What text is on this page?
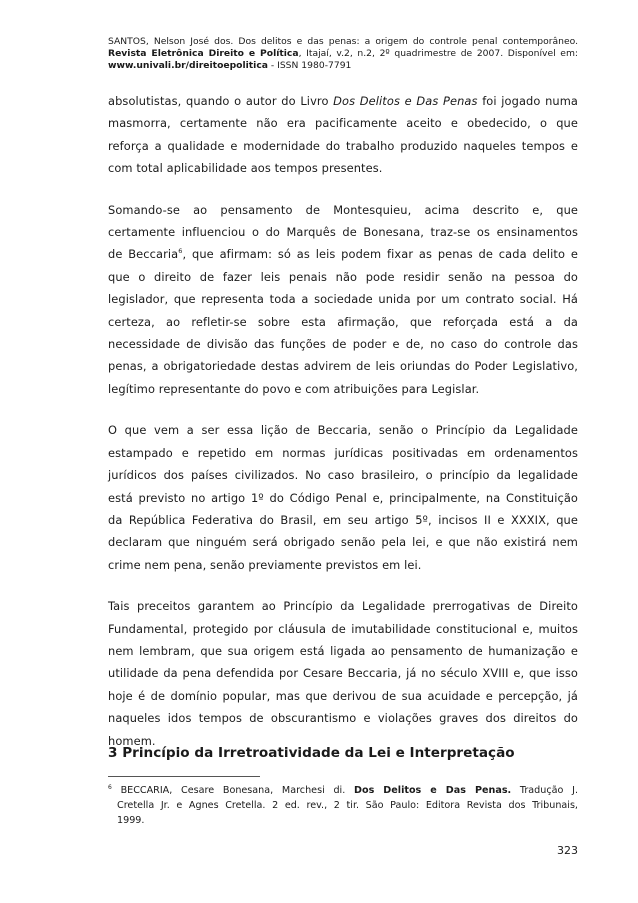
SANTOS, Nelson José dos. Dos delitos e das penas: a origem do controle penal contemporâneo.
Revista Eletrônica Direito e Política, Itajaí, v.2, n.2, 2º quadrimestre de 2007. Disponível em:
www.univali.br/direitoepolitica - ISSN 1980-7791

absolutistas, quando o autor do Livro Dos Delitos e Das Penas foi jogado numa
masmorra, certamente não era pacificamente aceito e obedecido, o que
reforça a qualidade e modernidade do trabalho produzido naqueles tempos e
com total aplicabilidade aos tempos presentes.

Somando-se ao pensamento de Montesquieu, acima descrito e, que
certamente influenciou o do Marquês de Bonesana, traz-se os ensinamentos
de Beccaria$^6$, que afirmam: só as leis podem fixar as penas de cada delito e
que o direito de fazer leis penais não pode residir senão na pessoa do
legislador, que representa toda a sociedade unida por um contrato social. Há
certeza, ao refletir-se sobre esta afirmação, que reforçada está a da
necessidade de divisão das funções de poder e de, no caso do controle das
penas, a obrigatoriedade destas advirem de leis oriundas do Poder Legislativo,
legítimo representante do povo e com atribuições para Legislar.

O que vem a ser essa lição de Beccaria, senão o Princípio da Legalidade
estampado e repetido em normas jurídicas positivadas em ordenamentos
jurídicos dos países civilizados. No caso brasileiro, o princípio da legalidade
está previsto no artigo 1º do Código Penal e, principalmente, na Constituição
da República Federativa do Brasil, em seu artigo 5º, incisos II e XXXIX, que
declaram que ninguém será obrigado senão pela lei, e que não existirá nem
crime nem pena, senão previamente previstos em lei.

Tais preceitos garantem ao Princípio da Legalidade prerrogativas de Direito
Fundamental, protegido por cláusula de imutabilidade constitucional e, muitos
nem lembram, que sua origem está ligada ao pensamento de humanização e
utilidade da pena defendida por Cesare Beccaria, já no século XVIII e, que isso
hoje é de domínio popular, mas que derivou de sua acuidade e percepção, já
naqueles idos tempos de obscurantismo e violações graves dos direitos do
homem.

3 Princípio da Irretroatividade da Lei e Interpretação
$^6$ BECCARIA, Cesare Bonesana, Marchesi di. Dos Delitos e Das Penas. Tradução J.
Cretella Jr. e Agnes Cretella. 2 ed. rev., 2 tir. São Paulo: Editora Revista dos Tribunais,
1999.
323
